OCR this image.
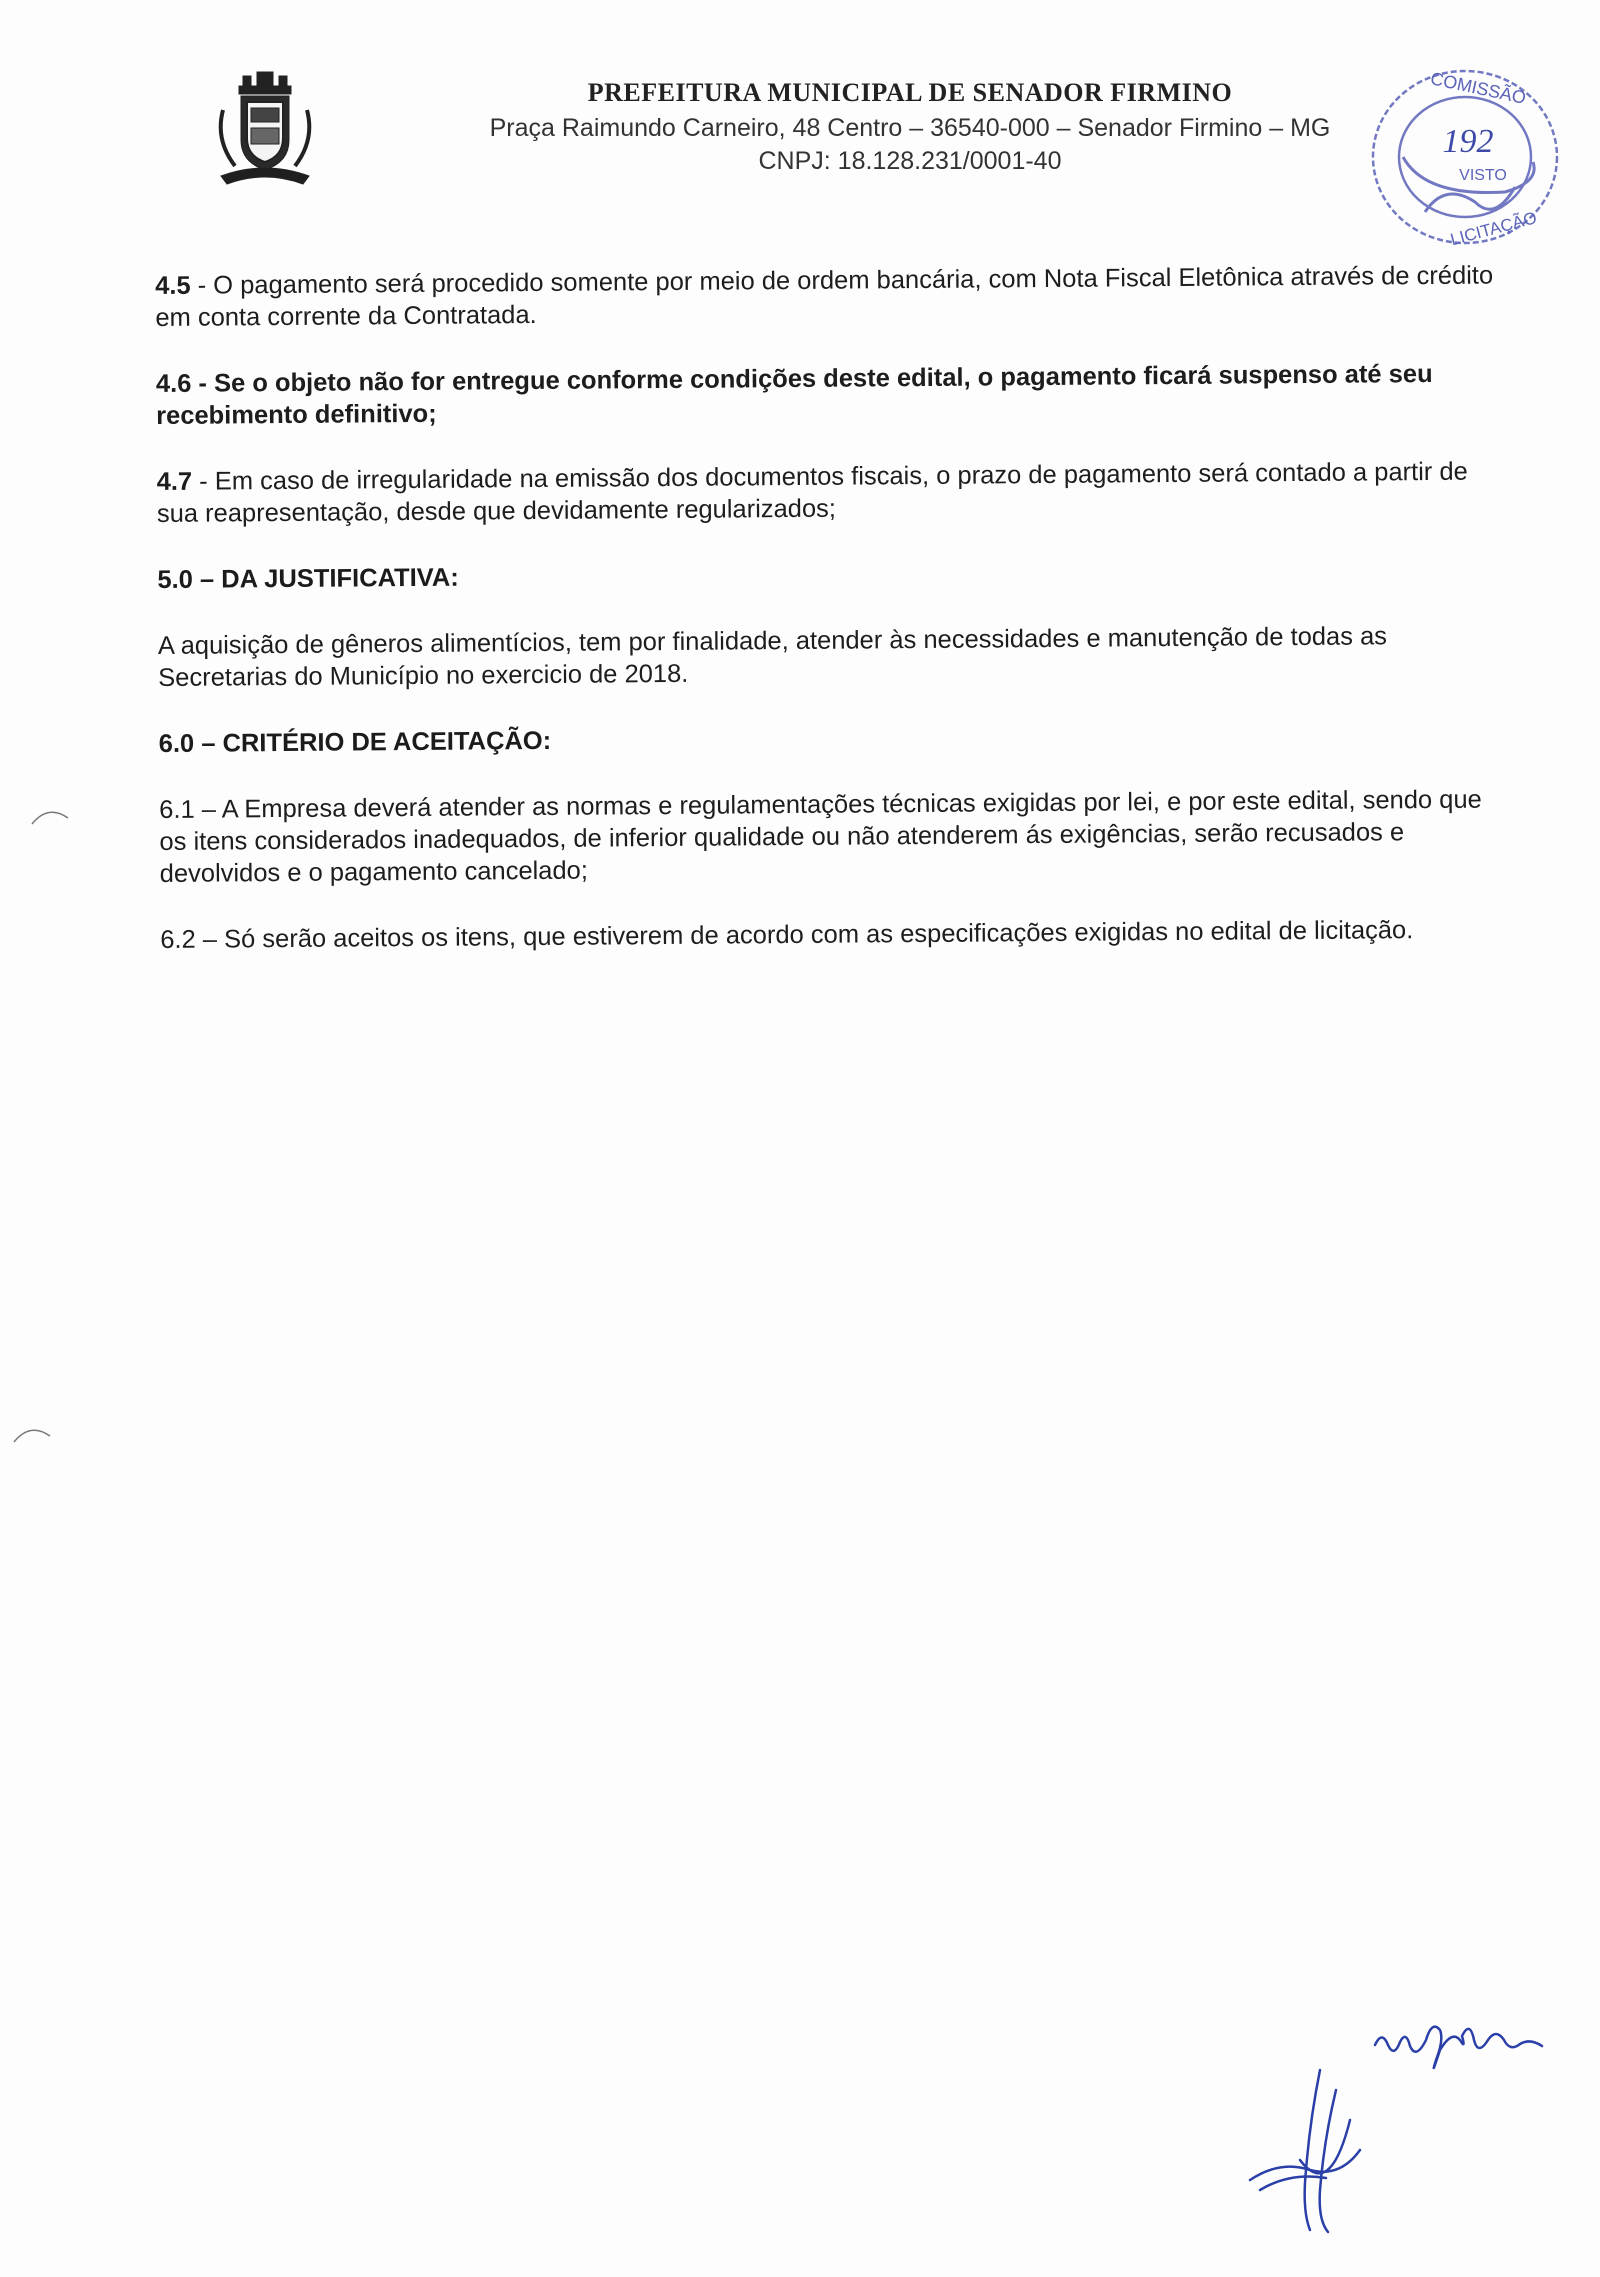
PREFEITURA MUNICIPAL DE SENADOR FIRMINO

Praça Raimundo Carneiro, 48 Centro – 36540-000 – Senador Firmino – MG

CNPJ: 18.128.231/0001-40

192
VISTO
COMISSÃO
LICITAÇÃO

4.5 - O pagamento será procedido somente por meio de ordem bancária, com Nota Fiscal Eletônica através de crédito em conta corrente da Contratada.

4.6 - Se o objeto não for entregue conforme condições deste edital, o pagamento ficará suspenso até seu recebimento definitivo;

4.7 - Em caso de irregularidade na emissão dos documentos fiscais, o prazo de pagamento será contado a partir de sua reapresentação, desde que devidamente regularizados;

5.0 – DA JUSTIFICATIVA:

A aquisição de gêneros alimentícios, tem por finalidade, atender às necessidades e manutenção de todas as Secretarias do Município no exercicio de 2018.

6.0 – CRITÉRIO DE ACEITAÇÃO:

6.1 – A Empresa deverá atender as normas e regulamentações técnicas exigidas por lei, e por este edital, sendo que os itens considerados inadequados, de inferior qualidade ou não atenderem ás exigências, serão recusados e devolvidos e o pagamento cancelado;

6.2 – Só serão aceitos os itens, que estiverem de acordo com as especificações exigidas no edital de licitação.
